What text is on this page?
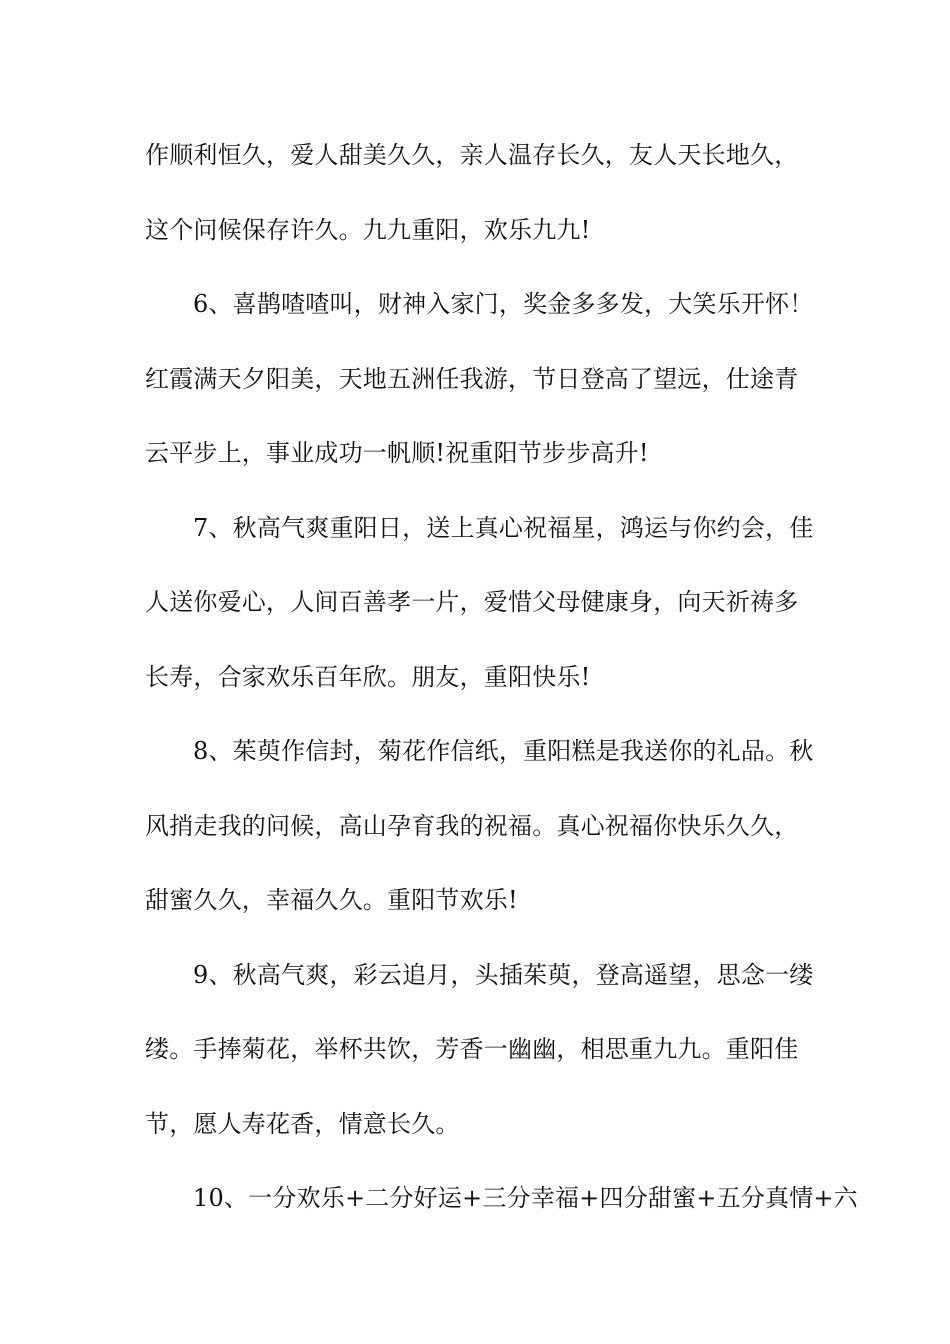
作顺利恒久，爱人甜美久久，亲人温存长久，友人天长地久，
这个问候保存许久。九九重阳，欢乐九九!

6、喜鹊喳喳叫，财神入家门，奖金多多发，大笑乐开怀！
红霞满天夕阳美，天地五洲任我游，节日登高了望远，仕途青
云平步上，事业成功一帆顺!祝重阳节步步高升!

7、秋高气爽重阳日，送上真心祝福星，鸿运与你约会，佳
人送你爱心，人间百善孝一片，爱惜父母健康身，向天祈祷多
长寿，合家欢乐百年欣。朋友，重阳快乐!

8、茱萸作信封，菊花作信纸，重阳糕是我送你的礼品。秋
风捎走我的问候，高山孕育我的祝福。真心祝福你快乐久久，
甜蜜久久，幸福久久。重阳节欢乐!

9、秋高气爽，彩云追月，头插茱萸，登高遥望，思念一缕
缕。手捧菊花，举杯共饮，芳香一幽幽，相思重九九。重阳佳
节，愿人寿花香，情意长久。

10、一分欢乐+二分好运+三分幸福+四分甜蜜+五分真情+六
